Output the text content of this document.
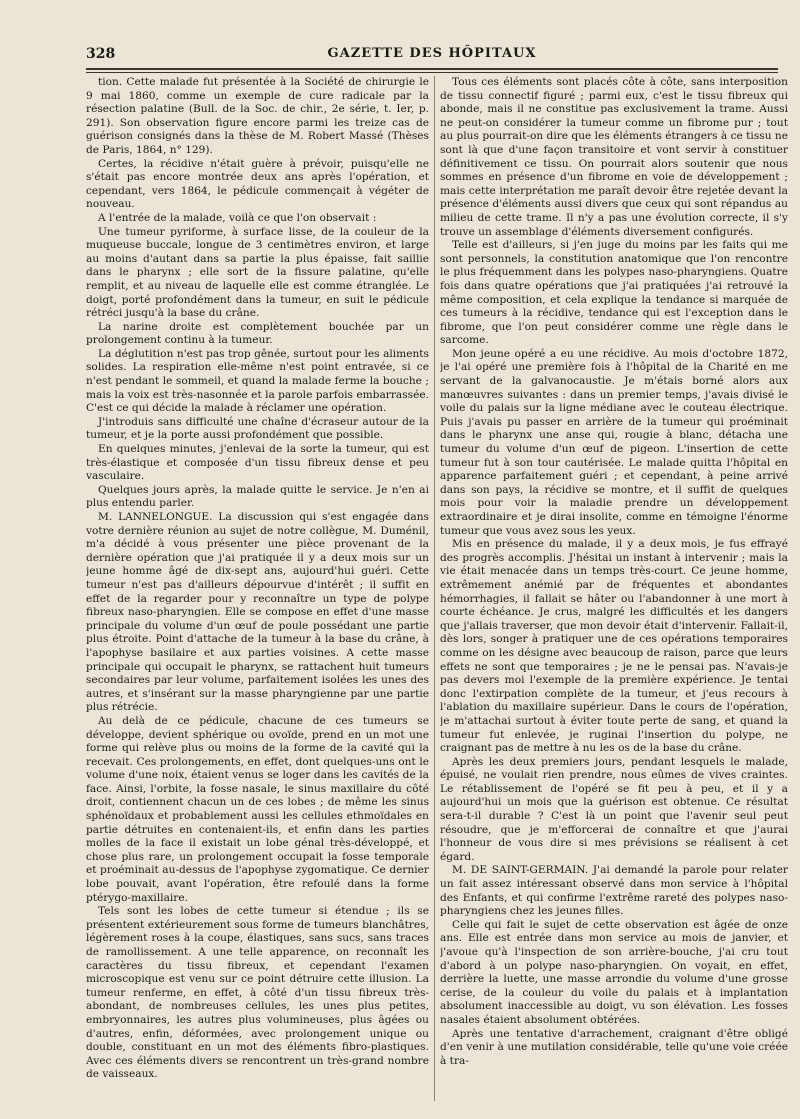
328	GAZETTE DES HÔPITAUX

tion. Cette malade fut présentée à la Société de chirurgie le 9 mai 1860, comme un exemple de cure radicale par la résection palatine (Bull. de la Soc. de chir., 2e série, t. Ier, p. 291). Son observation figure encore parmi les treize cas de guérison consignés dans la thèse de M. Robert Massé (Thèses de Paris, 1864, n° 129).

Certes, la récidive n'était guère à prévoir, puisqu'elle ne s'était pas encore montrée deux ans après l'opération, et cependant, vers 1864, le pédicule commençait à végéter de nouveau.

A l'entrée de la malade, voilà ce que l'on observait :

Une tumeur pyriforme, à surface lisse, de la couleur de la muqueuse buccale, longue de 3 centimètres environ, et large au moins d'autant dans sa partie la plus épaisse, fait saillie dans le pharynx ; elle sort de la fissure palatine, qu'elle remplit, et au niveau de laquelle elle est comme étranglée. Le doigt, porté profondément dans la tumeur, en suit le pédicule rétréci jusqu'à la base du crâne.

La narine droite est complètement bouchée par un prolongement continu à la tumeur.

La déglutition n'est pas trop gênée, surtout pour les aliments solides. La respiration elle-même n'est point entravée, si ce n'est pendant le sommeil, et quand la malade ferme la bouche ; mais la voix est très-nasonnée et la parole parfois embarrassée. C'est ce qui décide la malade à réclamer une opération.

J'introduis sans difficulté une chaîne d'écraseur autour de la tumeur, et je la porte aussi profondément que possible.

En quelques minutes, j'enlevai de la sorte la tumeur, qui est très-élastique et composée d'un tissu fibreux dense et peu vasculaire.

Quelques jours après, la malade quitte le service. Je n'en ai plus entendu parler.

M. LANNELONGUE. La discussion qui s'est engagée dans votre dernière réunion au sujet de notre collègue, M. Duménil, m'a décidé à vous présenter une pièce provenant de la dernière opération que j'ai pratiquée il y a deux mois sur un jeune homme âgé de dix-sept ans, aujourd'hui guéri. Cette tumeur n'est pas d'ailleurs dépourvue d'intérêt ; il suffit en effet de la regarder pour y reconnaître un type de polype fibreux naso-pharyngien. Elle se compose en effet d'une masse principale du volume d'un œuf de poule possédant une partie plus étroite. Point d'attache de la tumeur à la base du crâne, à l'apophyse basilaire et aux parties voisines. A cette masse principale qui occupait le pharynx, se rattachent huit tumeurs secondaires par leur volume, parfaitement isolées les unes des autres, et s'insérant sur la masse pharyngienne par une partie plus rétrécie.

Au delà de ce pédicule, chacune de ces tumeurs se développe, devient sphérique ou ovoïde, prend en un mot une forme qui relève plus ou moins de la forme de la cavité qui la recevait. Ces prolongements, en effet, dont quelques-uns ont le volume d'une noix, étaient venus se loger dans les cavités de la face. Ainsi, l'orbite, la fosse nasale, le sinus maxillaire du côté droit, contiennent chacun un de ces lobes ; de même les sinus sphénoïdaux et probablement aussi les cellules ethmoïdales en partie détruites en contenaient-ils, et enfin dans les parties molles de la face il existait un lobe génal très-développé, et chose plus rare, un prolongement occupait la fosse temporale et proéminait au-dessus de l'apophyse zygomatique. Ce dernier lobe pouvait, avant l'opération, être refoulé dans la forme ptérygo-maxillaire.

Tels sont les lobes de cette tumeur si étendue ; ils se présentent extérieurement sous forme de tumeurs blanchâtres, légèrement roses à la coupe, élastiques, sans sucs, sans traces de ramollissement. A une telle apparence, on reconnaît les caractères du tissu fibreux, et cependant l'examen microscopique est venu sur ce point détruire cette illusion. La tumeur renferme, en effet, à côté d'un tissu fibreux très-abondant, de nombreuses cellules, les unes plus petites, embryonnaires, les autres plus volumineuses, plus âgées ou d'autres, enfin, déformées, avec prolongement unique ou double, constituant en un mot des éléments fibro-plastiques. Avec ces éléments divers se rencontrent un très-grand nombre de vaisseaux.

Tous ces éléments sont placés côte à côte, sans interposition de tissu connectif figuré ; parmi eux, c'est le tissu fibreux qui abonde, mais il ne constitue pas exclusivement la trame. Aussi ne peut-on considérer la tumeur comme un fibrome pur ; tout au plus pourrait-on dire que les éléments étrangers à ce tissu ne sont là que d'une façon transitoire et vont servir à constituer définitivement ce tissu. On pourrait alors soutenir que nous sommes en présence d'un fibrome en voie de développement ; mais cette interprétation me paraît devoir être rejetée devant la présence d'éléments aussi divers que ceux qui sont répandus au milieu de cette trame. Il n'y a pas une évolution correcte, il s'y trouve un assemblage d'éléments diversement configurés.

Telle est d'ailleurs, si j'en juge du moins par les faits qui me sont personnels, la constitution anatomique que l'on rencontre le plus fréquemment dans les polypes naso-pharyngiens. Quatre fois dans quatre opérations que j'ai pratiquées j'ai retrouvé la même composition, et cela explique la tendance si marquée de ces tumeurs à la récidive, tendance qui est l'exception dans le fibrome, que l'on peut considérer comme une règle dans le sarcome.

Mon jeune opéré a eu une récidive. Au mois d'octobre 1872, je l'ai opéré une première fois à l'hôpital de la Charité en me servant de la galvanocaustie. Je m'étais borné alors aux manœuvres suivantes : dans un premier temps, j'avais divisé le voile du palais sur la ligne médiane avec le couteau électrique. Puis j'avais pu passer en arrière de la tumeur qui proéminait dans le pharynx une anse qui, rougie à blanc, détacha une tumeur du volume d'un œuf de pigeon. L'insertion de cette tumeur fut à son tour cautérisée. Le malade quitta l'hôpital en apparence parfaitement guéri ; et cependant, à peine arrivé dans son pays, la récidive se montre, et il suffit de quelques mois pour voir la maladie prendre un développement extraordinaire et je dirai insolite, comme en témoigne l'énorme tumeur que vous avez sous les yeux.

Mis en présence du malade, il y a deux mois, je fus effrayé des progrès accomplis. J'hésitai un instant à intervenir ; mais la vie était menacée dans un temps très-court. Ce jeune homme, extrêmement anémié par de fréquentes et abondantes hémorrhagies, il fallait se hâter ou l'abandonner à une mort à courte échéance. Je crus, malgré les difficultés et les dangers que j'allais traverser, que mon devoir était d'intervenir. Fallait-il, dès lors, songer à pratiquer une de ces opérations temporaires comme on les désigne avec beaucoup de raison, parce que leurs effets ne sont que temporaires ; je ne le pensai pas. N'avais-je pas devers moi l'exemple de la première expérience. Je tentai donc l'extirpation complète de la tumeur, et j'eus recours à l'ablation du maxillaire supérieur. Dans le cours de l'opération, je m'attachai surtout à éviter toute perte de sang, et quand la tumeur fut enlevée, je ruginai l'insertion du polype, ne craignant pas de mettre à nu les os de la base du crâne.

Après les deux premiers jours, pendant lesquels le malade, épuisé, ne voulait rien prendre, nous eûmes de vives craintes. Le rétablissement de l'opéré se fit peu à peu, et il y a aujourd'hui un mois que la guérison est obtenue. Ce résultat sera-t-il durable ? C'est là un point que l'avenir seul peut résoudre, que je m'efforcerai de connaître et que j'aurai l'honneur de vous dire si mes prévisions se réalisent à cet égard.

M. DE SAINT-GERMAIN. J'ai demandé la parole pour relater un fait assez intéressant observé dans mon service à l'hôpital des Enfants, et qui confirme l'extrême rareté des polypes naso-pharyngiens chez les jeunes filles.

Celle qui fait le sujet de cette observation est âgée de onze ans. Elle est entrée dans mon service au mois de janvier, et j'avoue qu'à l'inspection de son arrière-bouche, j'ai cru tout d'abord à un polype naso-pharyngien. On voyait, en effet, derrière la luette, une masse arrondie du volume d'une grosse cerise, de la couleur du voile du palais et à implantation absolument inaccessible au doigt, vu son élévation. Les fosses nasales étaient absolument obtérées.

Après une tentative d'arrachement, craignant d'être obligé d'en venir à une mutilation considérable, telle qu'une voie créée à tra-
